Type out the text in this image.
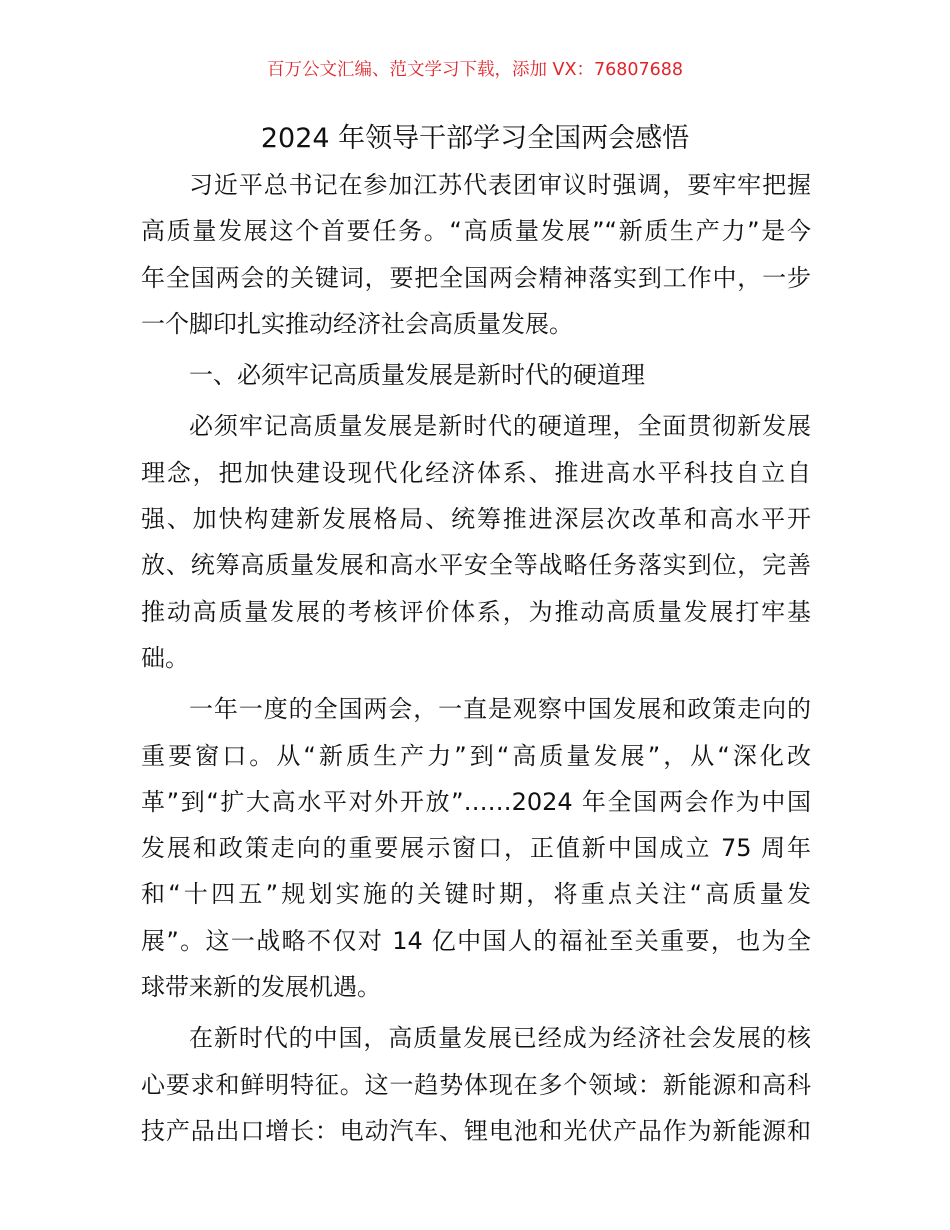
百万公文汇编、范文学习下载，添加 VX：76807688
2024 年领导干部学习全国两会感悟
习近平总书记在参加江苏代表团审议时强调，要牢牢把握
高质量发展这个首要任务。“高质量发展”“新质生产力”是今
年全国两会的关键词，要把全国两会精神落实到工作中，一步
一个脚印扎实推动经济社会高质量发展。
一、必须牢记高质量发展是新时代的硬道理
必须牢记高质量发展是新时代的硬道理，全面贯彻新发展
理念，把加快建设现代化经济体系、推进高水平科技自立自
强、加快构建新发展格局、统筹推进深层次改革和高水平开
放、统筹高质量发展和高水平安全等战略任务落实到位，完善
推动高质量发展的考核评价体系，为推动高质量发展打牢基
础。
一年一度的全国两会，一直是观察中国发展和政策走向的
重要窗口。从“新质生产力”到“高质量发展”，从“深化改
革”到“扩大高水平对外开放”……2024 年全国两会作为中国
发展和政策走向的重要展示窗口，正值新中国成立 75 周年
和“十四五”规划实施的关键时期，将重点关注“高质量发
展”。这一战略不仅对 14 亿中国人的福祉至关重要，也为全
球带来新的发展机遇。
在新时代的中国，高质量发展已经成为经济社会发展的核
心要求和鲜明特征。这一趋势体现在多个领域：新能源和高科
技产品出口增长：电动汽车、锂电池和光伏产品作为新能源和
